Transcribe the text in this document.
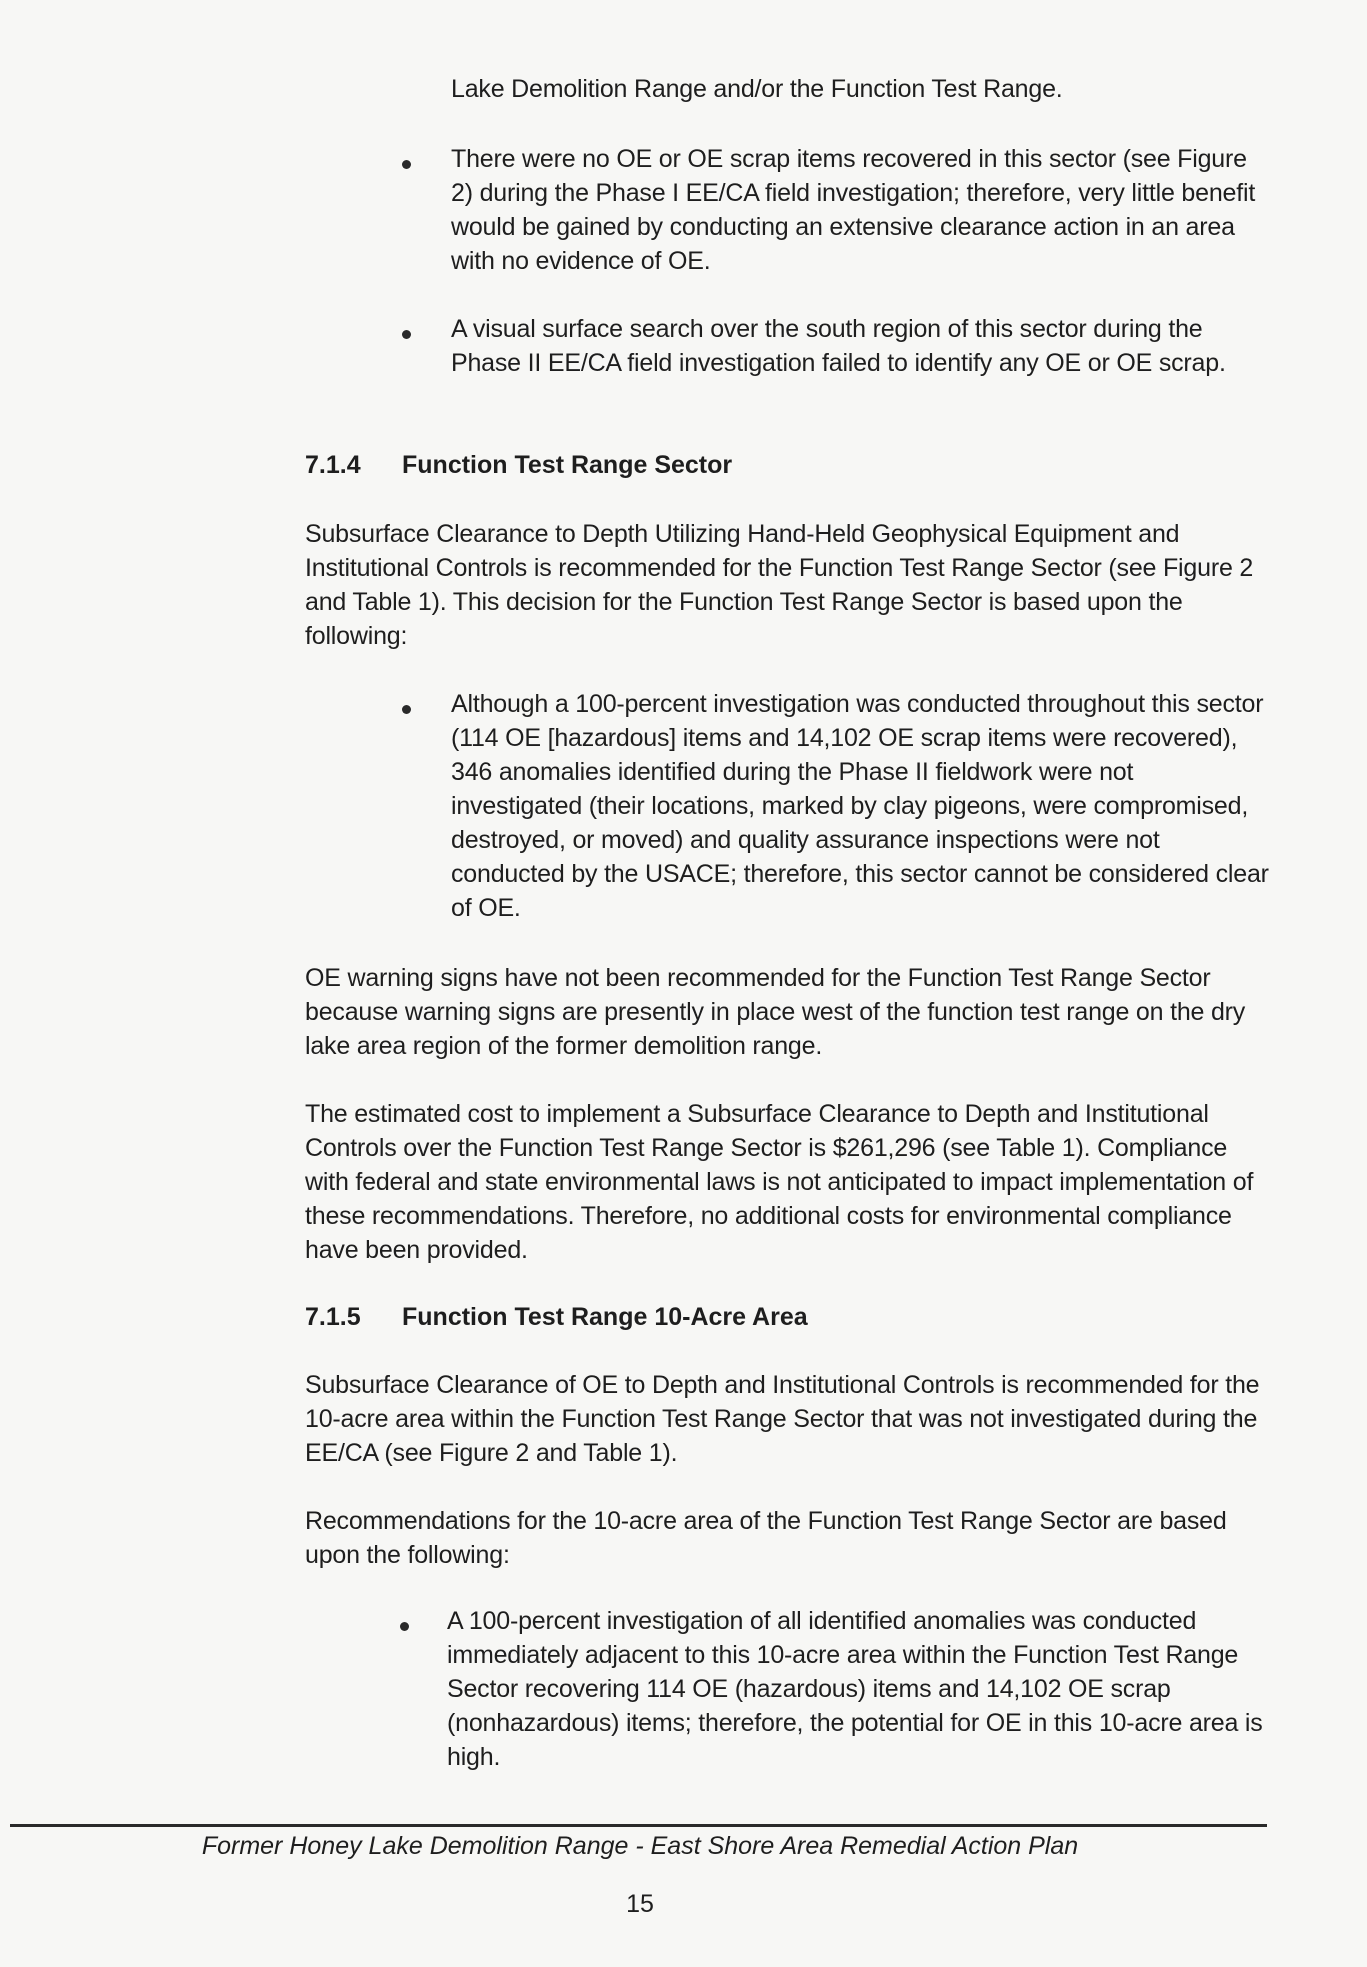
Lake Demolition Range and/or the Function Test Range.

There were no OE or OE scrap items recovered in this sector (see Figure 2) during the Phase I EE/CA field investigation; therefore, very little benefit would be gained by conducting an extensive clearance action in an area with no evidence of OE.

A visual surface search over the south region of this sector during the Phase II EE/CA field investigation failed to identify any OE or OE scrap.

7.1.4 Function Test Range Sector

Subsurface Clearance to Depth Utilizing Hand-Held Geophysical Equipment and Institutional Controls is recommended for the Function Test Range Sector (see Figure 2 and Table 1). This decision for the Function Test Range Sector is based upon the following:

Although a 100-percent investigation was conducted throughout this sector (114 OE [hazardous] items and 14,102 OE scrap items were recovered), 346 anomalies identified during the Phase II fieldwork were not investigated (their locations, marked by clay pigeons, were compromised, destroyed, or moved) and quality assurance inspections were not conducted by the USACE; therefore, this sector cannot be considered clear of OE.

OE warning signs have not been recommended for the Function Test Range Sector because warning signs are presently in place west of the function test range on the dry lake area region of the former demolition range.

The estimated cost to implement a Subsurface Clearance to Depth and Institutional Controls over the Function Test Range Sector is $261,296 (see Table 1). Compliance with federal and state environmental laws is not anticipated to impact implementation of these recommendations. Therefore, no additional costs for environmental compliance have been provided.

7.1.5 Function Test Range 10-Acre Area

Subsurface Clearance of OE to Depth and Institutional Controls is recommended for the 10-acre area within the Function Test Range Sector that was not investigated during the EE/CA (see Figure 2 and Table 1).

Recommendations for the 10-acre area of the Function Test Range Sector are based upon the following:

A 100-percent investigation of all identified anomalies was conducted immediately adjacent to this 10-acre area within the Function Test Range Sector recovering 114 OE (hazardous) items and 14,102 OE scrap (nonhazardous) items; therefore, the potential for OE in this 10-acre area is high.

Former Honey Lake Demolition Range - East Shore Area Remedial Action Plan
15
